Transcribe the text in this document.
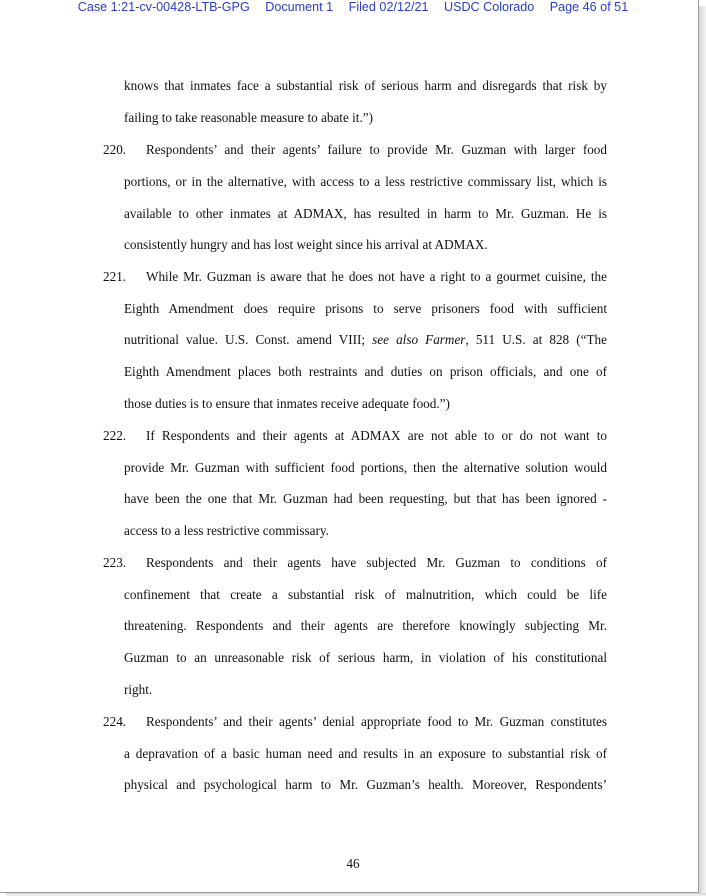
Case 1:21-cv-00428-LTB-GPG Document 1 Filed 02/12/21 USDC Colorado Page 46 of 51
knows that inmates face a substantial risk of serious harm and disregards that risk by
failing to take reasonable measure to abate it.”)
220. Respondents’ and their agents’ failure to provide Mr. Guzman with larger food
portions, or in the alternative, with access to a less restrictive commissary list, which is
available to other inmates at ADMAX, has resulted in harm to Mr. Guzman. He is
consistently hungry and has lost weight since his arrival at ADMAX.
221. While Mr. Guzman is aware that he does not have a right to a gourmet cuisine, the
Eighth Amendment does require prisons to serve prisoners food with sufficient
nutritional value. U.S. Const. amend VIII; see also Farmer, 511 U.S. at 828 (“The
Eighth Amendment places both restraints and duties on prison officials, and one of
those duties is to ensure that inmates receive adequate food.”)
222. If Respondents and their agents at ADMAX are not able to or do not want to
provide Mr. Guzman with sufficient food portions, then the alternative solution would
have been the one that Mr. Guzman had been requesting, but that has been ignored -
access to a less restrictive commissary.
223. Respondents and their agents have subjected Mr. Guzman to conditions of
confinement that create a substantial risk of malnutrition, which could be life
threatening. Respondents and their agents are therefore knowingly subjecting Mr.
Guzman to an unreasonable risk of serious harm, in violation of his constitutional
right.
224. Respondents’ and their agents’ denial appropriate food to Mr. Guzman constitutes
a depravation of a basic human need and results in an exposure to substantial risk of
physical and psychological harm to Mr. Guzman’s health. Moreover, Respondents’
46
